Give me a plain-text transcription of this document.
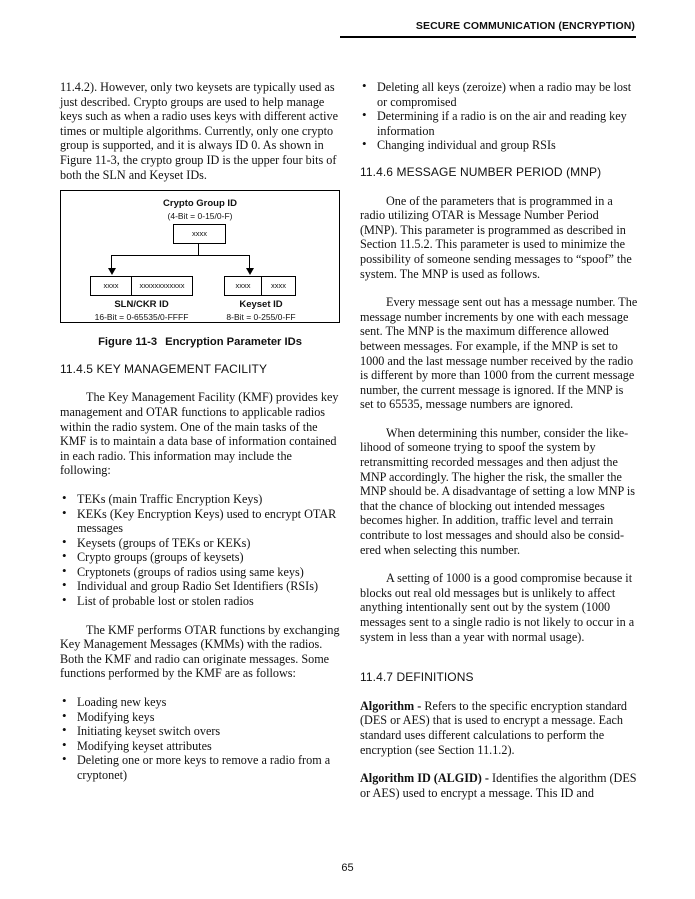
SECURE COMMUNICATION (ENCRYPTION)

11.4.2). However, only two keysets are typically used as just described. Crypto groups are used to help manage keys such as when a radio uses keys with different active times or multiple algorithms. Currently, only one crypto group is supported, and it is always ID 0. As shown in Figure 11-3, the crypto group ID is the upper four bits of both the SLN and Keyset IDs.

Crypto Group ID
(4-Bit = 0-15/0-F)
xxxx
xxxx	xxxxxxxxxxxx
SLN/CKR ID
16-Bit = 0-65535/0-FFFF
xxxx	xxxx
Keyset ID
8-Bit = 0-255/0-FF
Figure 11-3 Encryption Parameter IDs
11.4.5 KEY MANAGEMENT FACILITY

The Key Management Facility (KMF) provides key management and OTAR functions to applicable radios within the radio system. One of the main tasks of the KMF is to maintain a data base of information contained in each radio. This information may include the following:

• TEKs (main Traffic Encryption Keys)
• KEKs (Key Encryption Keys) used to encrypt OTAR messages
• Keysets (groups of TEKs or KEKs)
• Crypto groups (groups of keysets)
• Cryptonets (groups of radios using same keys)
• Individual and group Radio Set Identifiers (RSIs)
• List of probable lost or stolen radios

The KMF performs OTAR functions by exchanging Key Management Messages (KMMs) with the radios. Both the KMF and radio can originate messages. Some functions performed by the KMF are as follows:

• Loading new keys
• Modifying keys
• Initiating keyset switch overs
• Modifying keyset attributes
• Deleting one or more keys to remove a radio from a cryptonet)
• Deleting all keys (zeroize) when a radio may be lost or compromised
• Determining if a radio is on the air and reading key information
• Changing individual and group RSIs
11.4.6 MESSAGE NUMBER PERIOD (MNP)

One of the parameters that is programmed in a radio utilizing OTAR is Message Number Period (MNP). This parameter is programmed as described in Section 11.5.2. This parameter is used to minimize the possibility of someone sending messages to “spoof” the system. The MNP is used as follows.

Every message sent out has a message number. The message number increments by one with each message sent. The MNP is the maximum difference allowed between messages. For example, if the MNP is set to 1000 and the last message number received by the radio is different by more than 1000 from the current message number, the current message is ignored. If the MNP is set to 65535, message numbers are ignored.

When determining this number, consider the likelihood of someone trying to spoof the system by retransmitting recorded messages and then adjust the MNP accordingly. The higher the risk, the smaller the MNP should be. A disadvantage of setting a low MNP is that the chance of blocking out intended messages becomes higher. In addition, traffic level and terrain contribute to lost messages and should also be considered when selecting this number.

A setting of 1000 is a good compromise because it blocks out real old messages but is unlikely to affect anything intentionally sent out by the system (1000 messages sent to a single radio is not likely to occur in a system in less than a year with normal usage).

11.4.7 DEFINITIONS

Algorithm - Refers to the specific encryption standard (DES or AES) that is used to encrypt a message. Each standard uses different calculations to perform the encryption (see Section 11.1.2).

Algorithm ID (ALGID) - Identifies the algorithm (DES or AES) used to encrypt a message. This ID and

65
